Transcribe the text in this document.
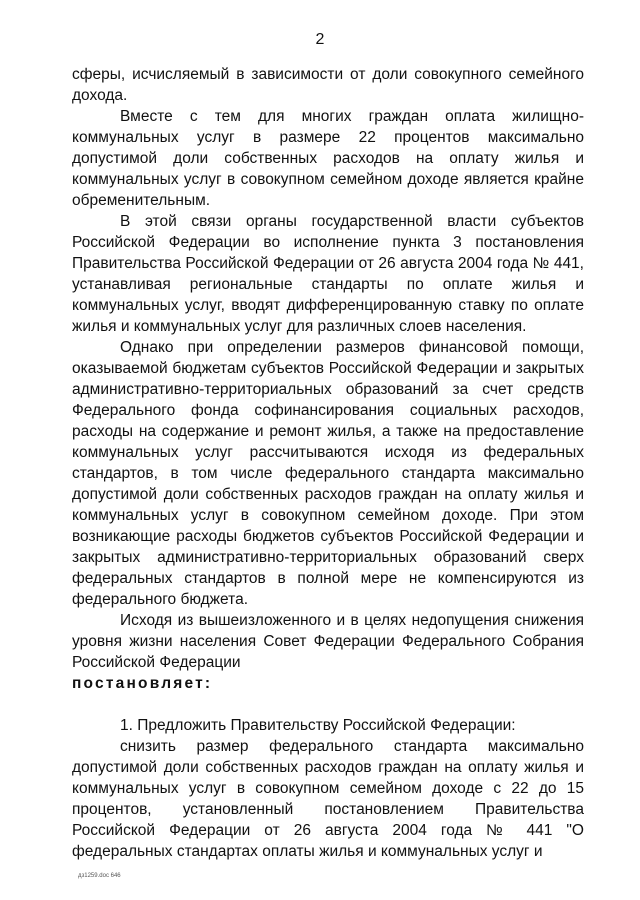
2

сферы, исчисляемый в зависимости от доли совокупного семейного дохода.

Вместе с тем для многих граждан оплата жилищно-коммунальных услуг в размере 22 процентов максимально допустимой доли собственных расходов на оплату жилья и коммунальных услуг в совокупном семейном доходе является крайне обременительным.

В этой связи органы государственной власти субъектов Российской Федерации во исполнение пункта 3 постановления Правительства Российской Федерации от 26 августа 2004 года № 441, устанавливая региональные стандарты по оплате жилья и коммунальных услуг, вводят дифференцированную ставку по оплате жилья и коммунальных услуг для различных слоев населения.

Однако при определении размеров финансовой помощи, оказываемой бюджетам субъектов Российской Федерации и закрытых административно-территориальных образований за счет средств Федерального фонда софинансирования социальных расходов, расходы на содержание и ремонт жилья, а также на предоставление коммунальных услуг рассчитываются исходя из федеральных стандартов, в том числе федерального стандарта максимально допустимой доли собственных расходов граждан на оплату жилья и коммунальных услуг в совокупном семейном доходе. При этом возникающие расходы бюджетов субъектов Российской Федерации и закрытых административно-территориальных образований сверх федеральных стандартов в полной мере не компенсируются из федерального бюджета.

Исходя из вышеизложенного и в целях недопущения снижения уровня жизни населения Совет Федерации Федерального Собрания Российской Федерации

постановляет:

1. Предложить Правительству Российской Федерации:

снизить размер федерального стандарта максимально допустимой доли собственных расходов граждан на оплату жилья и коммунальных услуг в совокупном семейном доходе с 22 до 15 процентов, установленный постановлением Правительства Российской Федерации от 26 августа 2004 года № 441 "О федеральных стандартах оплаты жилья и коммунальных услуг и

дз1259.doc 646
